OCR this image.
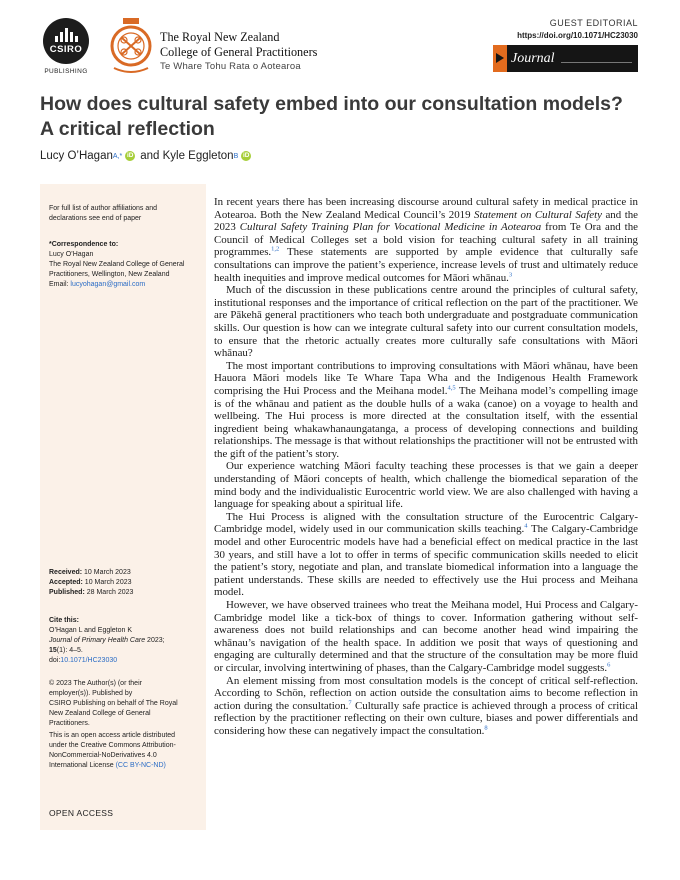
CSIRO
PUBLISHING
The Royal New Zealand
College of General Practitioners
Te Whare Tohu Rata o Aotearoa
GUEST EDITORIAL
https://doi.org/10.1071/HC23030
Journal
How does cultural safety embed into our consultation models?
A critical reflection
Lucy O’Hagan A,* iD and Kyle Eggleton B iD

For full list of author affiliations and

declarations see end of paper

*Correspondence to:

Lucy O’Hagan

The Royal New Zealand College of General

Practitioners, Wellington, New Zealand

Email: lucyohagan@gmail.com

Received: 10 March 2023

Accepted: 10 March 2023

Published: 28 March 2023

Cite this:

O’Hagan L and Eggleton K

Journal of Primary Health Care 2023;

15(1): 4–5.

doi:10.1071/HC23030

© 2023 The Author(s) (or their

employer(s)). Published by

CSIRO Publishing on behalf of The Royal

New Zealand College of General

Practitioners.

This is an open access article distributed

under the Creative Commons Attribution-

NonCommercial-NoDerivatives 4.0

International License (CC BY-NC-ND)

OPEN ACCESS

In recent years there has been increasing discourse around cultural safety in medical practice in Aotearoa. Both the New Zealand Medical Council’s 2019 Statement on Cultural Safety and the 2023 Cultural Safety Training Plan for Vocational Medicine in Aotearoa from Te Ora and the Council of Medical Colleges set a bold vision for teaching cultural safety in all training programmes.$^{1,2}$ These statements are supported by ample evidence that culturally safe consultations can improve the patient’s experience, increase levels of trust and ultimately reduce health inequities and improve medical outcomes for Māori whānau.$^3$

Much of the discussion in these publications centre around the principles of cultural safety, institutional responses and the importance of critical reflection on the part of the practitioner. We are Pākehā general practitioners who teach both undergraduate and postgraduate communication skills. Our question is how can we integrate cultural safety into our current consultation models, to ensure that the rhetoric actually creates more culturally safe consultations with Māori whānau?

The most important contributions to improving consultations with Māori whānau, have been Hauora Māori models like Te Whare Tapa Wha and the Indigenous Health Framework comprising the Hui Process and the Meihana model.$^{4,5}$ The Meihana model’s compelling image is of the whānau and patient as the double hulls of a waka (canoe) on a voyage to health and wellbeing. The Hui process is more directed at the consultation itself, with the essential ingredient being whakawhanaungatanga, a process of developing connections and building relationships. The message is that without relationships the practitioner will not be entrusted with the gift of the patient’s story.

Our experience watching Māori faculty teaching these processes is that we gain a deeper understanding of Māori concepts of health, which challenge the biomedical separation of the mind body and the individualistic Eurocentric world view. We are also challenged with having a language for speaking about a spiritual life.

The Hui Process is aligned with the consultation structure of the Eurocentric Calgary-Cambridge model, widely used in our communication skills teaching.$^4$ The Calgary-Cambridge model and other Eurocentric models have had a beneficial effect on medical practice in the last 30 years, and still have a lot to offer in terms of specific communication skills needed to elicit the patient’s story, negotiate and plan, and translate biomedical information into a language the patient understands. These skills are needed to effectively use the Hui process and Meihana model.

However, we have observed trainees who treat the Meihana model, Hui Process and Calgary-Cambridge model like a tick-box of things to cover. Information gathering without self-awareness does not build relationships and can become another head wind impairing the whānau’s navigation of the health space. In addition we posit that ways of questioning and engaging are culturally determined and that the structure of the consultation may be more fluid or circular, involving intertwining of phases, than the Calgary-Cambridge model suggests.$^6$

An element missing from most consultation models is the concept of critical self-reflection. According to Schön, reflection on action outside the consultation aims to become reflection in action during the consultation.$^7$ Culturally safe practice is achieved through a process of critical reflection by the practitioner reflecting on their own culture, biases and power differentials and considering how these can negatively impact the consultation.$^8$
